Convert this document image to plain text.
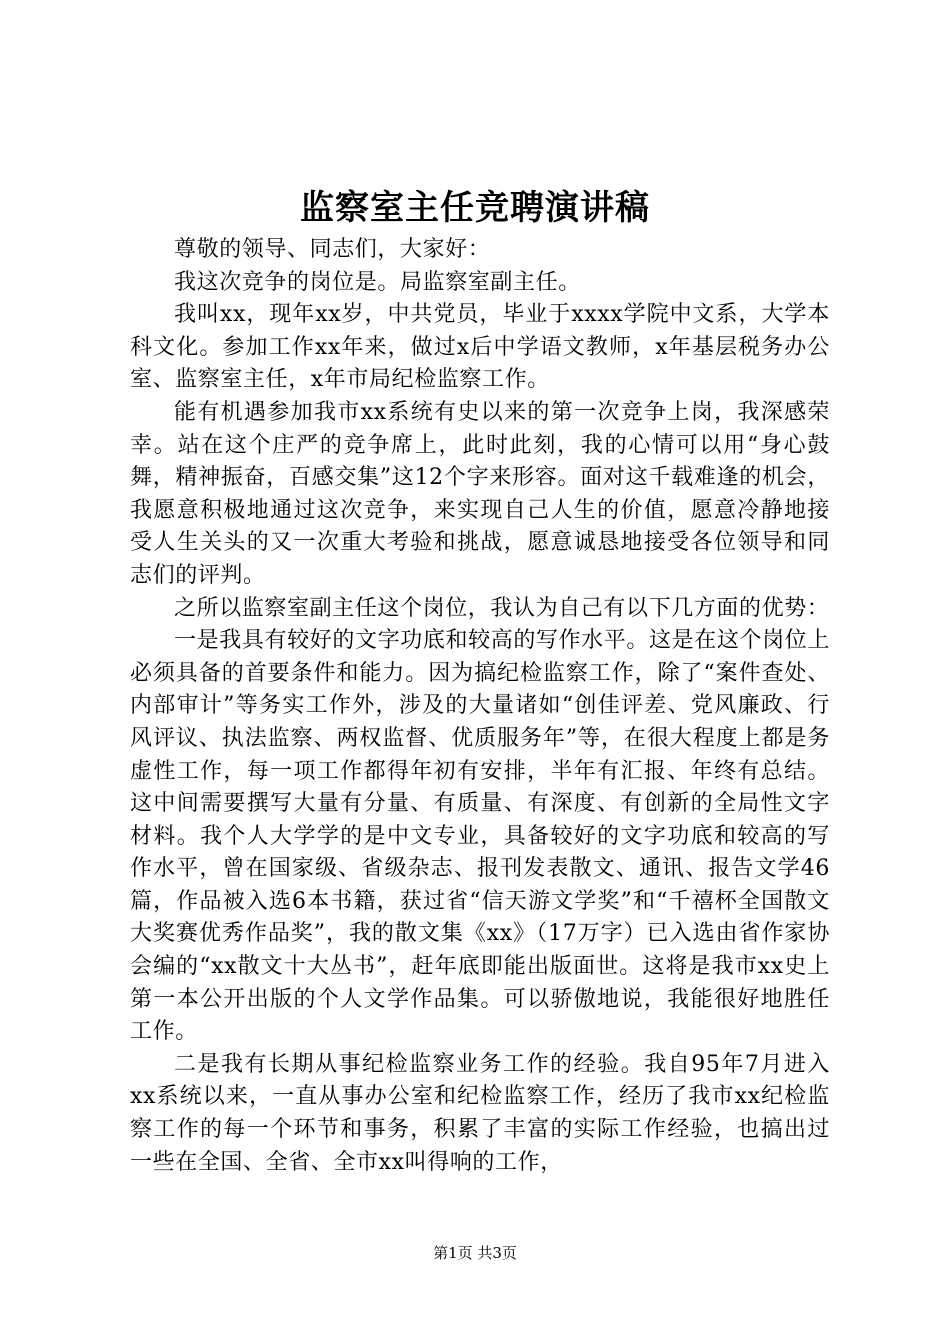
监察室主任竞聘演讲稿

尊敬的领导、同志们，大家好：

我这次竞争的岗位是。局监察室副主任。

我叫xx，现年xx岁，中共党员，毕业于xxxx学院中文系，大学本科文化。参加工作xx年来，做过x后中学语文教师，x年基层税务办公室、监察室主任，x年市局纪检监察工作。

能有机遇参加我市xx系统有史以来的第一次竞争上岗，我深感荣幸。站在这个庄严的竞争席上，此时此刻，我的心情可以用“身心鼓舞，精神振奋，百感交集”这12个字来形容。面对这千载难逢的机会，我愿意积极地通过这次竞争，来实现自己人生的价值，愿意冷静地接受人生关头的又一次重大考验和挑战，愿意诚恳地接受各位领导和同志们的评判。

之所以监察室副主任这个岗位，我认为自己有以下几方面的优势：

一是我具有较好的文字功底和较高的写作水平。这是在这个岗位上必须具备的首要条件和能力。因为搞纪检监察工作，除了“案件查处、内部审计”等务实工作外，涉及的大量诸如“创佳评差、党风廉政、行风评议、执法监察、两权监督、优质服务年”等，在很大程度上都是务虚性工作，每一项工作都得年初有安排，半年有汇报、年终有总结。这中间需要撰写大量有分量、有质量、有深度、有创新的全局性文字材料。我个人大学学的是中文专业，具备较好的文字功底和较高的写作水平，曾在国家级、省级杂志、报刊发表散文、通讯、报告文学46篇，作品被入选6本书籍，获过省“信天游文学奖”和“千禧杯全国散文大奖赛优秀作品奖”，我的散文集《xx》（17万字）已入选由省作家协会编的“xx散文十大丛书”，赶年底即能出版面世。这将是我市xx史上第一本公开出版的个人文学作品集。可以骄傲地说，我能很好地胜任工作。

二是我有长期从事纪检监察业务工作的经验。我自95年7月进入xx系统以来，一直从事办公室和纪检监察工作，经历了我市xx纪检监察工作的每一个环节和事务，积累了丰富的实际工作经验，也搞出过一些在全国、全省、全市xx叫得响的工作，

第1页 共3页
